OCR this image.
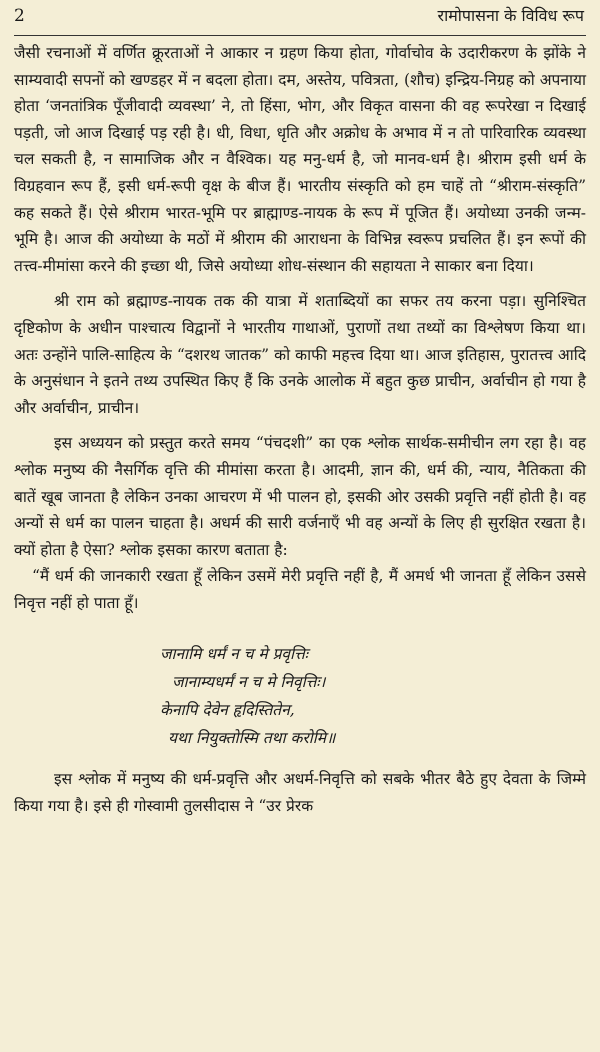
2	रामोपासना के विविध रूप

जैसी रचनाओं में वर्णित क्रूरताओं ने आकार न ग्रहण किया होता, गोर्वाचोव के उदारीकरण के झोंके ने साम्यवादी सपनों को खण्डहर में न बदला होता। दम, अस्तेय, पवित्रता, (शौच) इन्द्रिय-निग्रह को अपनाया होता ‘जनतांत्रिक पूँजीवादी व्यवस्था’ ने, तो हिंसा, भोग, और विकृत वासना की वह रूपरेखा न दिखाई पड़ती, जो आज दिखाई पड़ रही है। धी, विधा, धृति और अक्रोध के अभाव में न तो पारिवारिक व्यवस्था चल सकती है, न सामाजिक और न वैश्विक। यह मनु-धर्म है, जो मानव-धर्म है। श्रीराम इसी धर्म के विग्रहवान रूप हैं, इसी धर्म-रूपी वृक्ष के बीज हैं। भारतीय संस्कृति को हम चाहें तो “श्रीराम-संस्कृति” कह सकते हैं। ऐसे श्रीराम भारत-भूमि पर ब्राह्माण्ड-नायक के रूप में पूजित हैं। अयोध्या उनकी जन्म-भूमि है। आज की अयोध्या के मठों में श्रीराम की आराधना के विभिन्न स्वरूप प्रचलित हैं। इन रूपों की तत्त्व-मीमांसा करने की इच्छा थी, जिसे अयोध्या शोध-संस्थान की सहायता ने साकार बना दिया।

श्री राम को ब्रह्माण्ड-नायक तक की यात्रा में शताब्दियों का सफर तय करना पड़ा। सुनिश्चित दृष्टिकोण के अधीन पाश्चात्य विद्वानों ने भारतीय गाथाओं, पुराणों तथा तथ्यों का विश्लेषण किया था। अतः उन्होंने पालि-साहित्य के “दशरथ जातक” को काफी महत्त्व दिया था। आज इतिहास, पुरातत्त्व आदि के अनुसंधान ने इतने तथ्य उपस्थित किए हैं कि उनके आलोक में बहुत कुछ प्राचीन, अर्वाचीन हो गया है और अर्वाचीन, प्राचीन।

इस अध्ययन को प्रस्तुत करते समय “पंचदशी” का एक श्लोक सार्थक-समीचीन लग रहा है। वह श्लोक मनुष्य की नैसर्गिक वृत्ति की मीमांसा करता है। आदमी, ज्ञान की, धर्म की, न्याय, नैतिकता की बातें खूब जानता है लेकिन उनका आचरण में भी पालन हो, इसकी ओर उसकी प्रवृत्ति नहीं होती है। वह अन्यों से धर्म का पालन चाहता है। अधर्म की सारी वर्जनाएँ भी वह अन्यों के लिए ही सुरक्षित रखता है। क्यों होता है ऐसा? श्लोक इसका कारण बताता है:

“मैं धर्म की जानकारी रखता हूँ लेकिन उसमें मेरी प्रवृत्ति नहीं है, मैं अमर्ध भी जानता हूँ लेकिन उससे निवृत्त नहीं हो पाता हूँ।

जानामि धर्मं न च मे प्रवृत्तिः
जानाम्यधर्मं न च मे निवृत्तिः।
केनापि देवेन हृदिस्तितेन,
यथा नियुक्तोस्मि तथा करोमि॥

इस श्लोक में मनुष्य की धर्म-प्रवृत्ति और अधर्म-निवृत्ति को सबके भीतर बैठे हुए देवता के जिम्मे किया गया है। इसे ही गोस्वामी तुलसीदास ने “उर प्रेरक
